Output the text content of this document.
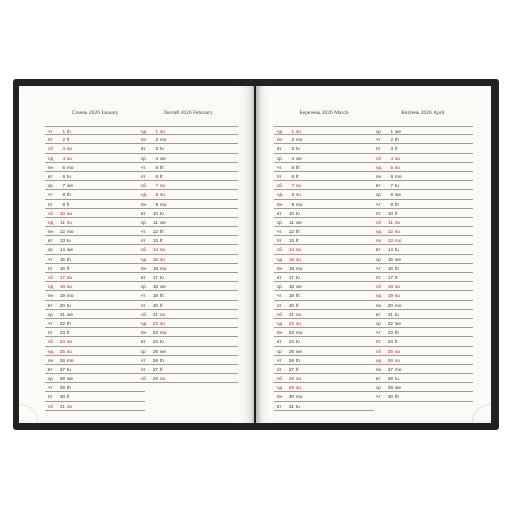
Січень 2026 January
чт	1 th
пт	2 fr
сб	3 sa
нд	4 su
пн	5 mo
вт	6 tu
ср	7 we
чт	8 th
пт	9 fr
сб	10 sa
нд	11 su
пн	12 mo
вт	13 tu
ср	14 we
чт	15 th
пт	16 fr
сб	17 sa
нд	18 su
пн	19 mo
вт	20 tu
ср	21 we
чт	22 th
пт	23 fr
сб	24 sa
нд	25 su
пн	26 mo
вт	27 tu
ср	28 we
чт	29 th
пт	30 fr
сб	31 sa
Лютий 2026 February
нд	1 su
пн	2 mo
вт	3 tu
ср	4 we
чт	5 th
пт	6 fr
сб	7 sa
нд	8 su
пн	9 mo
вт	10 tu
ср	11 we
чт	12 th
пт	13 fr
сб	14 sa
нд	15 su
пн	16 mo
вт	17 tu
ср	18 we
чт	19 th
пт	20 fr
сб	21 sa
нд	22 su
пн	23 mo
вт	24 tu
ср	25 we
чт	26 th
пт	27 fr
сб	28 sa
Березень 2026 March
нд	1 su
пн	2 mo
вт	3 tu
ср	4 we
чт	5 th
пт	6 fr
сб	7 sa
нд	8 su
пн	9 mo
вт	10 tu
ср	11 we
чт	12 th
пт	13 fr
сб	14 sa
нд	15 su
пн	16 mo
вт	17 tu
ср	18 we
чт	19 th
пт	20 fr
сб	21 sa
нд	22 su
пн	23 mo
вт	24 tu
ср	25 we
чт	26 th
пт	27 fr
сб	28 sa
нд	29 su
пн	30 mo
вт	31 tu
Квітень 2026 April
ср	1 we
чт	2 th
пт	3 fr
сб	4 sa
нд	5 su
пн	6 mo
вт	7 tu
ср	8 we
чт	9 th
пт	10 fr
сб	11 sa
нд	12 su
пн	13 mo
вт	14 tu
ср	15 we
чт	16 th
пт	17 fr
сб	18 sa
нд	19 su
пн	20 mo
вт	21 tu
ср	22 we
чт	23 th
пт	24 fr
сб	25 sa
нд	26 su
пн	27 mo
вт	28 tu
ср	29 we
чт	30 th
